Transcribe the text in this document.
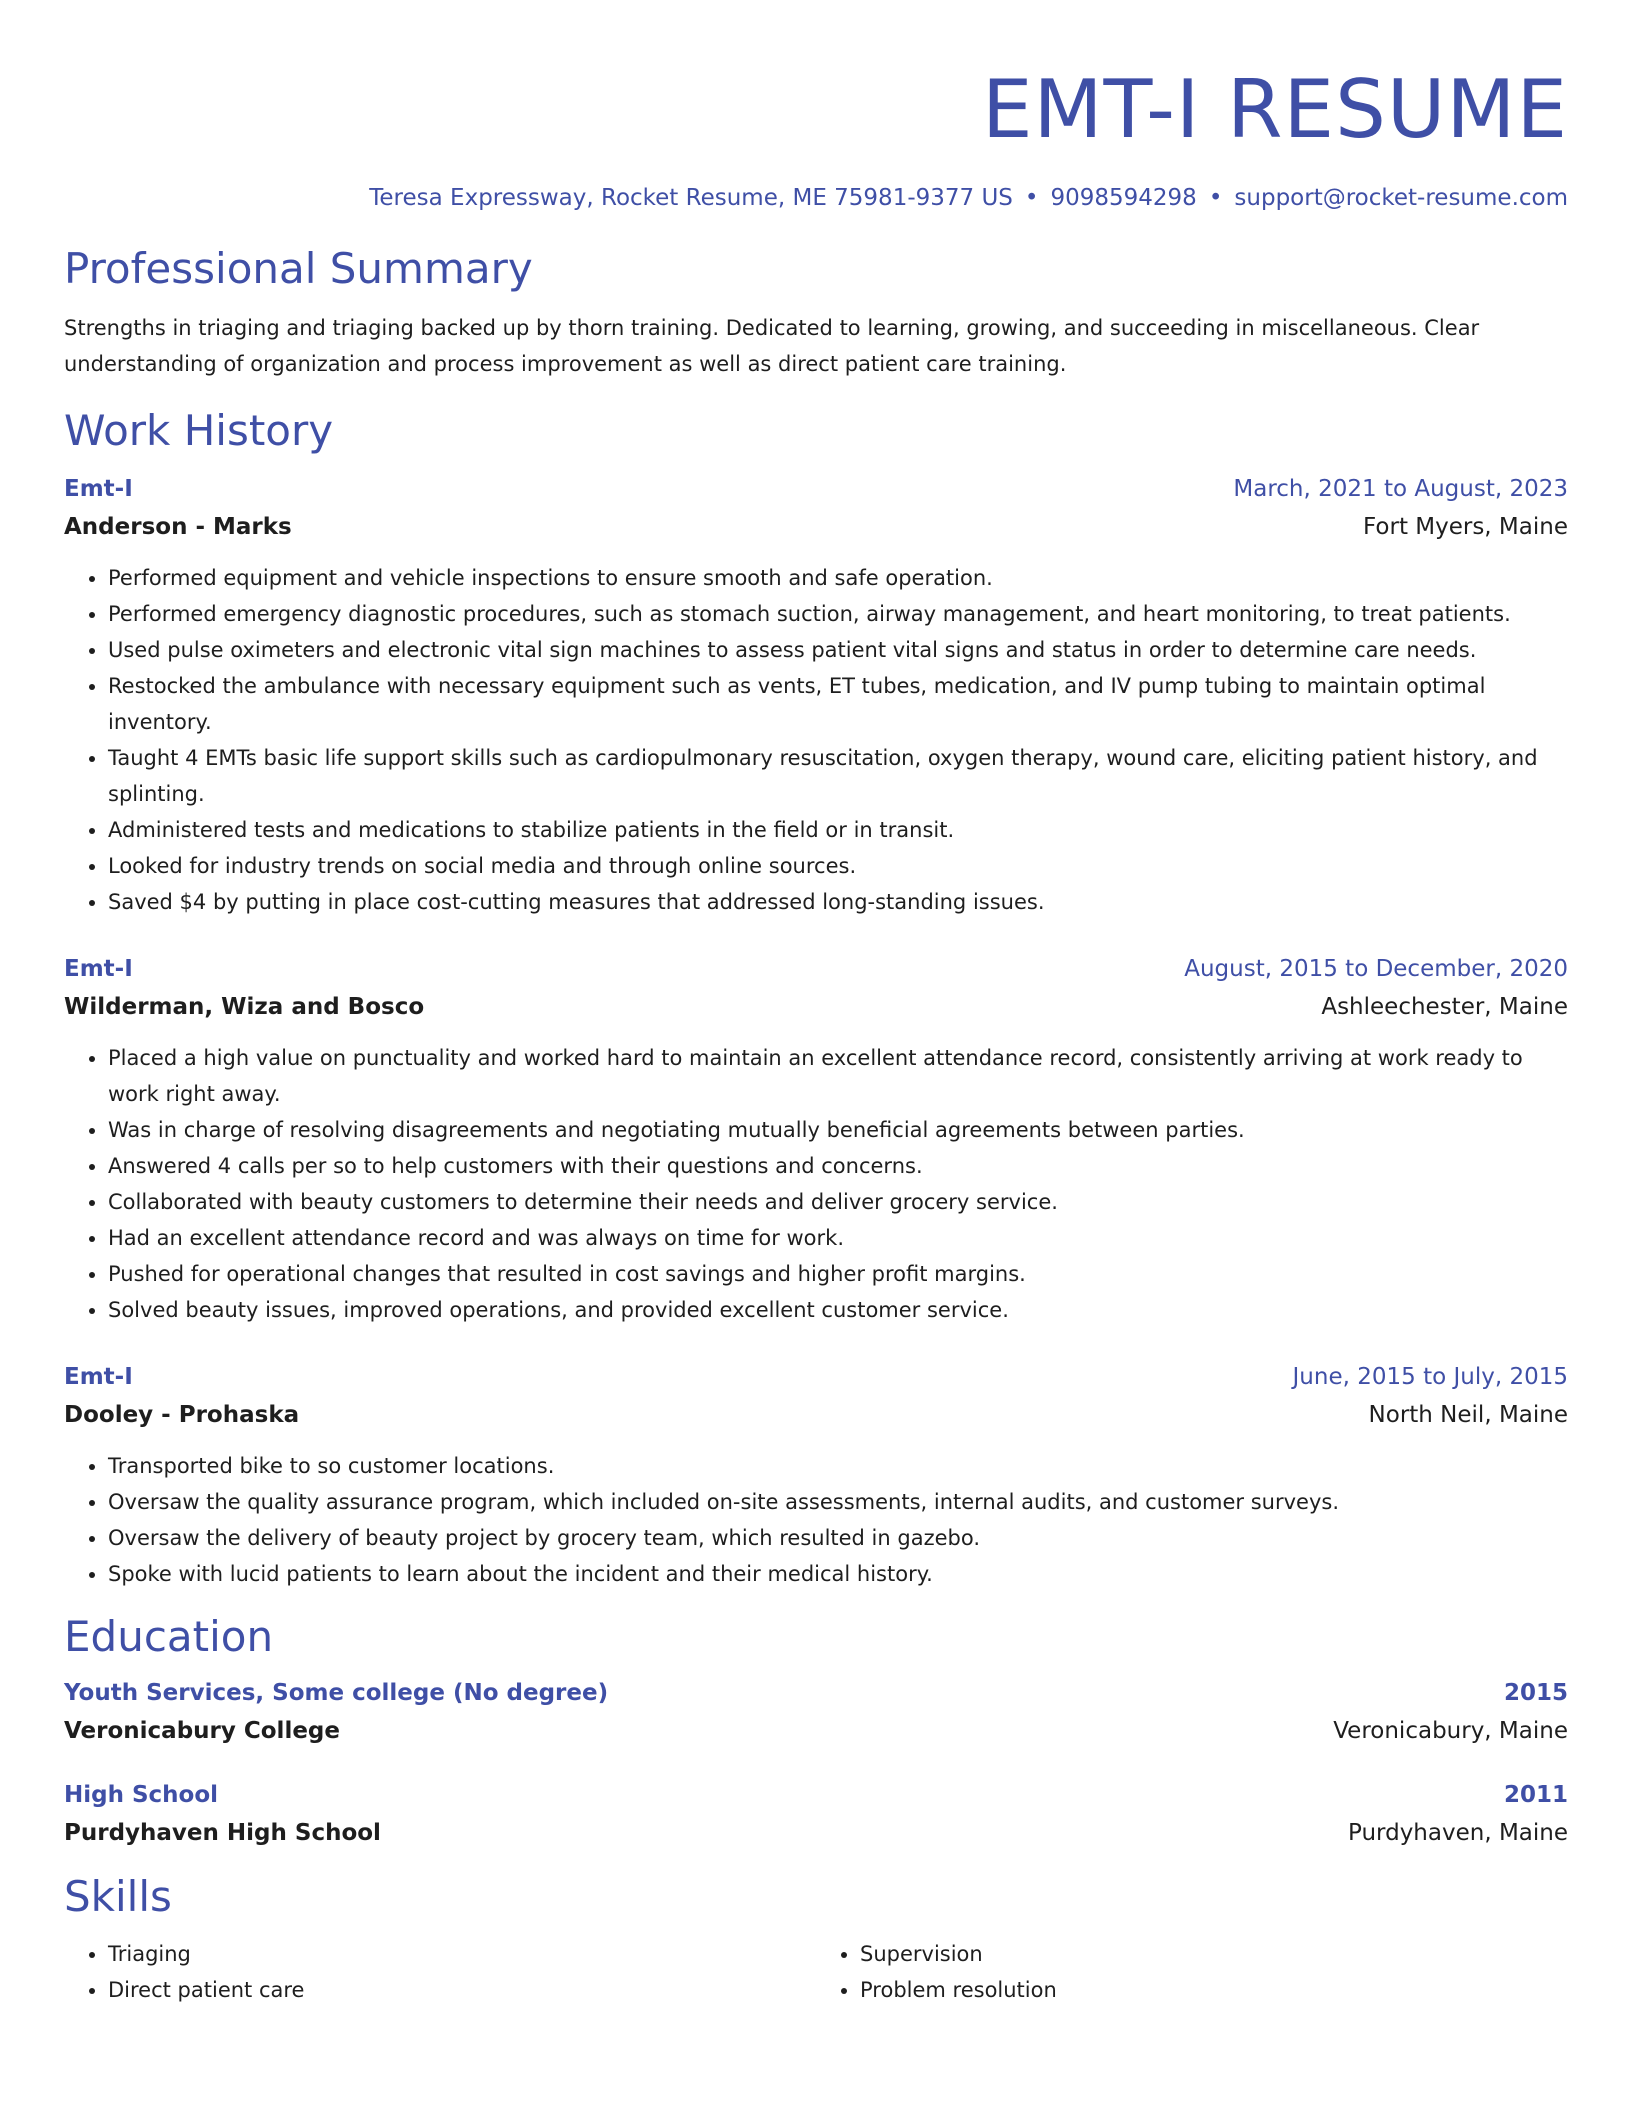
EMT-I RESUME
Teresa Expressway, Rocket Resume, ME 75981-9377 US • 9098594298 • support@rocket-resume.com
Professional Summary
Strengths in triaging and triaging backed up by thorn training. Dedicated to learning, growing, and succeeding in miscellaneous. Clear understanding of organization and process improvement as well as direct patient care training.
Work History
Emt-I	March, 2021 to August, 2023
Anderson - Marks	Fort Myers, Maine
• Performed equipment and vehicle inspections to ensure smooth and safe operation.
• Performed emergency diagnostic procedures, such as stomach suction, airway management, and heart monitoring, to treat patients.
• Used pulse oximeters and electronic vital sign machines to assess patient vital signs and status in order to determine care needs.
• Restocked the ambulance with necessary equipment such as vents, ET tubes, medication, and IV pump tubing to maintain optimal inventory.
• Taught 4 EMTs basic life support skills such as cardiopulmonary resuscitation, oxygen therapy, wound care, eliciting patient history, and splinting.
• Administered tests and medications to stabilize patients in the field or in transit.
• Looked for industry trends on social media and through online sources.
• Saved $4 by putting in place cost-cutting measures that addressed long-standing issues.
Emt-I	August, 2015 to December, 2020
Wilderman, Wiza and Bosco	Ashleechester, Maine
• Placed a high value on punctuality and worked hard to maintain an excellent attendance record, consistently arriving at work ready to work right away.
• Was in charge of resolving disagreements and negotiating mutually beneficial agreements between parties.
• Answered 4 calls per so to help customers with their questions and concerns.
• Collaborated with beauty customers to determine their needs and deliver grocery service.
• Had an excellent attendance record and was always on time for work.
• Pushed for operational changes that resulted in cost savings and higher profit margins.
• Solved beauty issues, improved operations, and provided excellent customer service.
Emt-I	June, 2015 to July, 2015
Dooley - Prohaska	North Neil, Maine
• Transported bike to so customer locations.
• Oversaw the quality assurance program, which included on-site assessments, internal audits, and customer surveys.
• Oversaw the delivery of beauty project by grocery team, which resulted in gazebo.
• Spoke with lucid patients to learn about the incident and their medical history.
Education
Youth Services, Some college (No degree)	2015
Veronicabury College	Veronicabury, Maine
High School	2011
Purdyhaven High School	Purdyhaven, Maine
Skills
• Triaging
• Direct patient care
• Supervision
• Problem resolution
